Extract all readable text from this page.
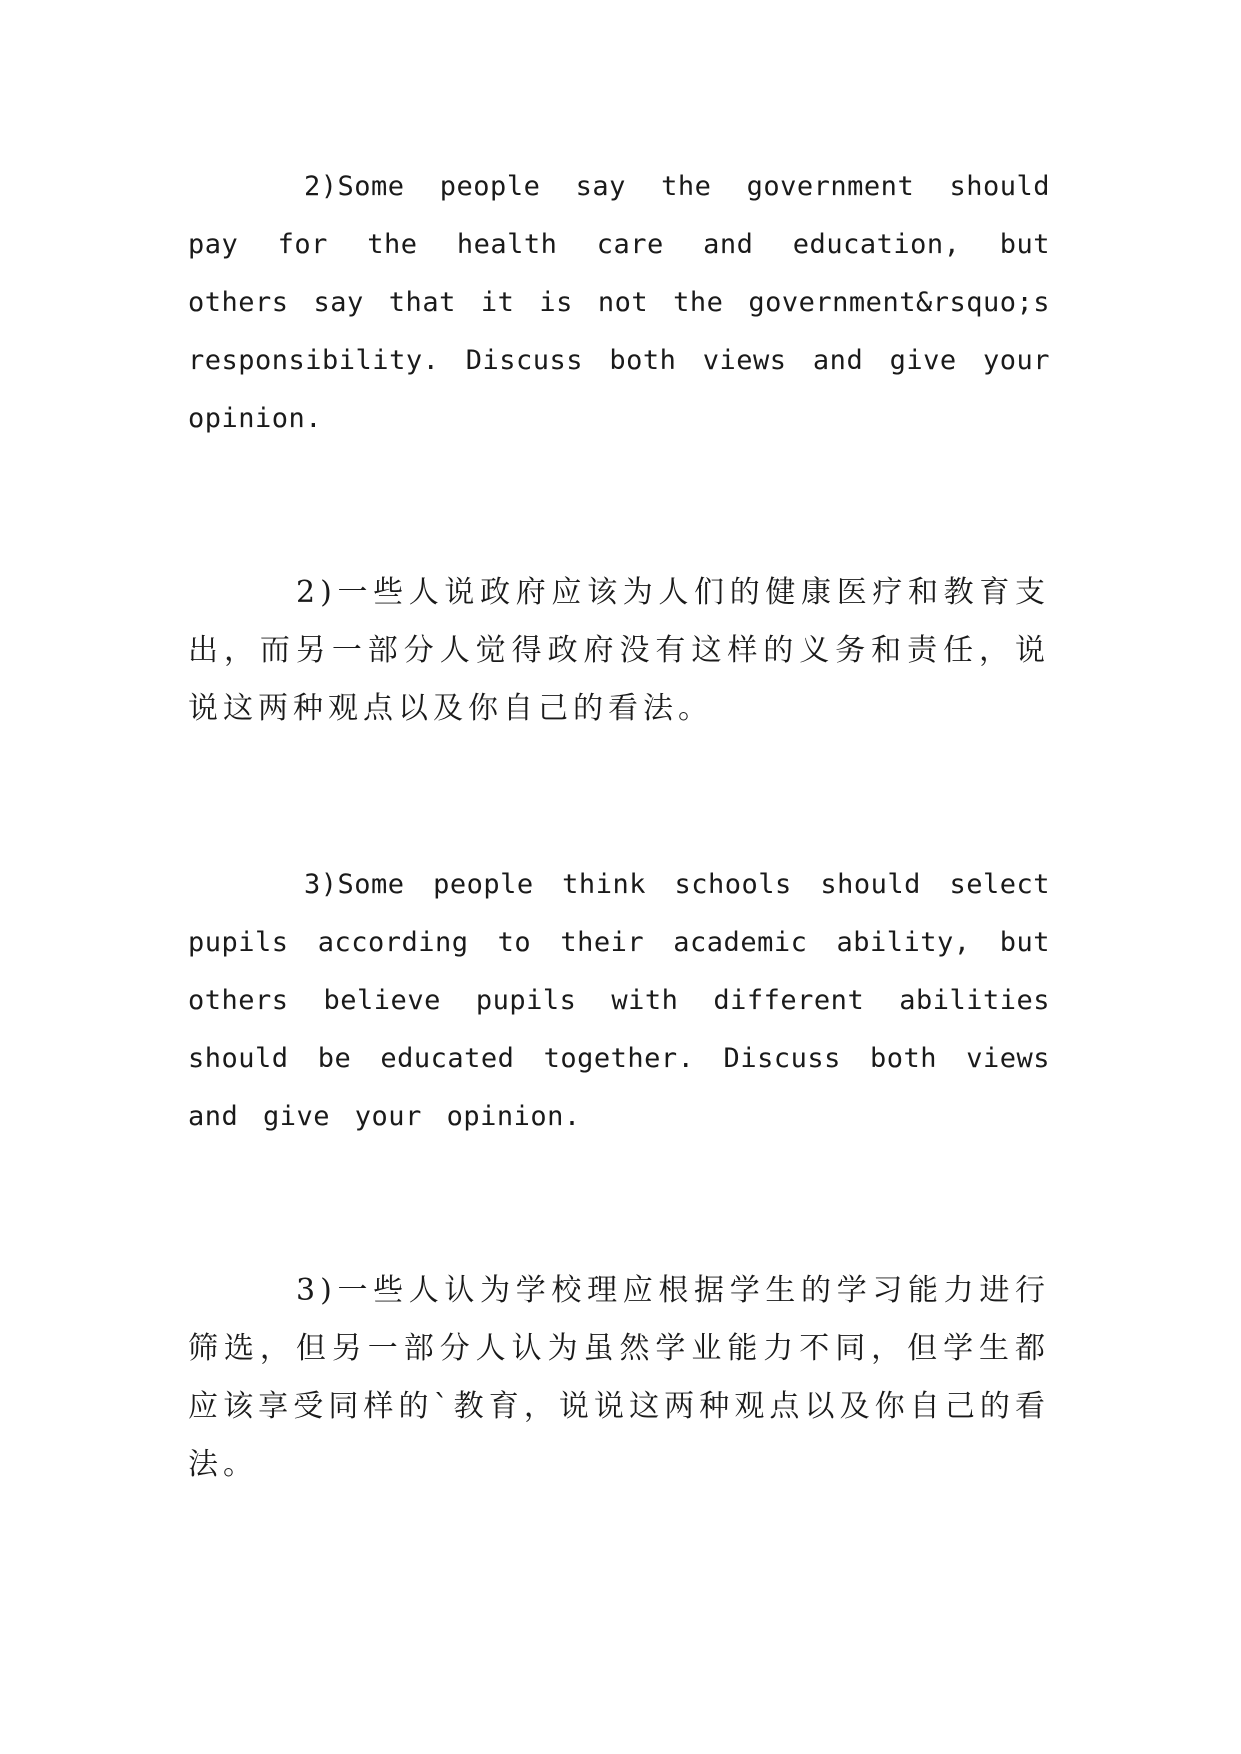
2)Some people say the government should pay for the health care and education, but others say that it is not the government&rsquo;s responsibility. Discuss both views and give your opinion.

2)一些人说政府应该为人们的健康医疗和教育支出，而另一部分人觉得政府没有这样的义务和责任，说说这两种观点以及你自己的看法。

3)Some people think schools should select pupils according to their academic ability, but others believe pupils with different abilities should be educated together. Discuss both views and give your opinion.

3)一些人认为学校理应根据学生的学习能力进行筛选，但另一部分人认为虽然学业能力不同，但学生都应该享受同样的`教育，说说这两种观点以及你自己的看法。
